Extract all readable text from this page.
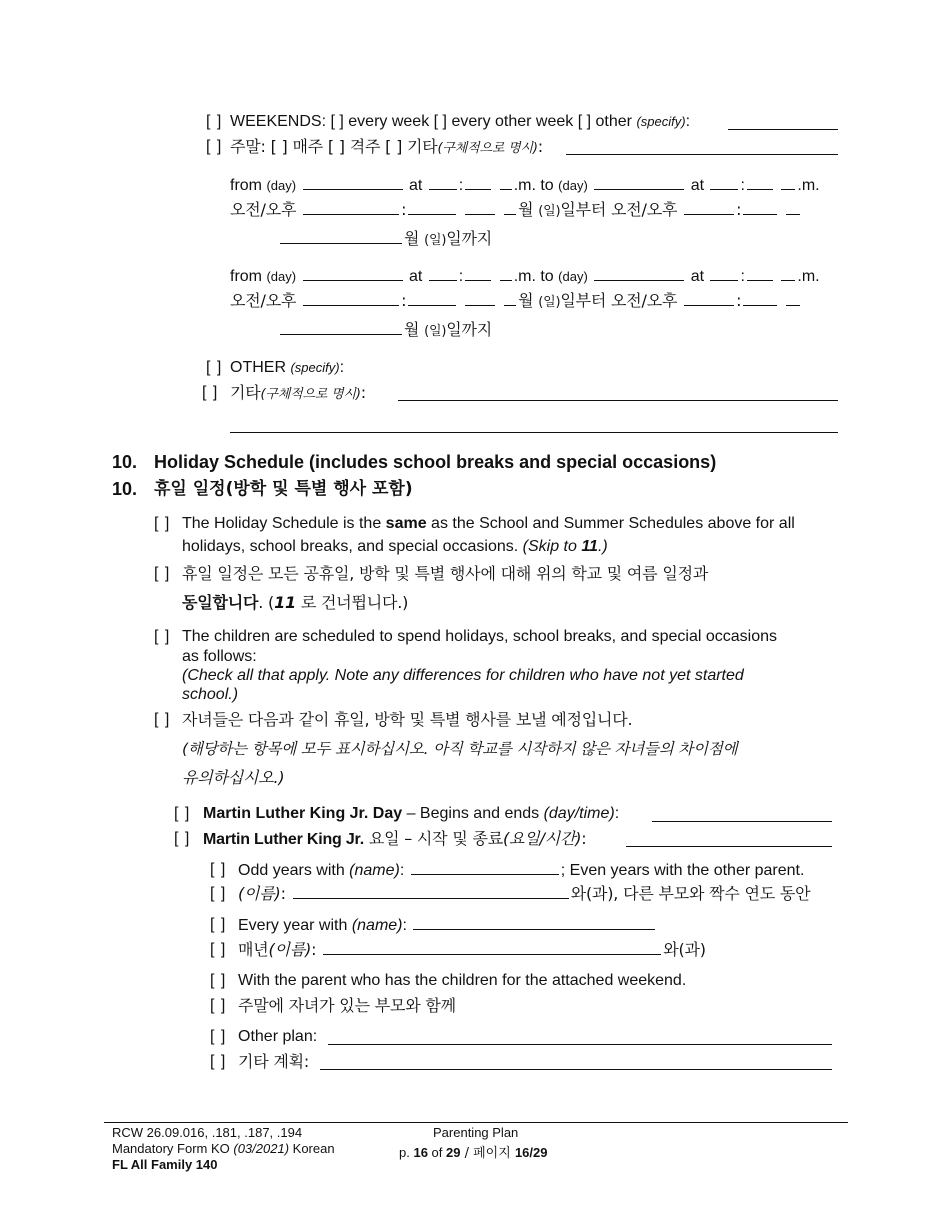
[ ] WEEKENDS: [ ] every week [ ] every other week [ ] other (specify):
[ ] 주말: [ ] 매주 [ ] 격주 [ ] 기타(구체적으로 명시):
from (day)	at :	.m. to (day)	at :	.m.
오전/오후	:	월 (일)일부터 오전/오후	:
월 (일)일까지
from (day)	at :	.m. to (day)	at :	.m.
오전/오후	:	월 (일)일부터 오전/오후	:
월 (일)일까지
[ ] OTHER (specify):
[ ] 기타(구체적으로 명시):
10. Holiday Schedule (includes school breaks and special occasions)
10. 휴일 일정(방학 및 특별 행사 포함)
[ ] The Holiday Schedule is the same as the School and Summer Schedules above for all
holidays, school breaks, and special occasions. (Skip to 11.)
[ ] 휴일 일정은 모든 공휴일, 방학 및 특별 행사에 대해 위의 학교 및 여름 일정과
동일합니다. (11 로 건너뜁니다.)
[ ] The children are scheduled to spend holidays, school breaks, and special occasions
as follows:
(Check all that apply. Note any differences for children who have not yet started
school.)
[ ] 자녀들은 다음과 같이 휴일, 방학 및 특별 행사를 보낼 예정입니다.
(해당하는 항목에 모두 표시하십시오. 아직 학교를 시작하지 않은 자녀들의 차이점에
유의하십시오.)
[ ] Martin Luther King Jr. Day – Begins and ends (day/time):
[ ] Martin Luther King Jr. 요일 – 시작 및 종료(요일/시간):
[ ] Odd years with (name):	; Even years with the other parent.
[ ] (이름):	와(과), 다른 부모와 짝수 연도 동안
[ ] Every year with (name):
[ ] 매년(이름):	와(과)
[ ] With the parent who has the children for the attached weekend.
[ ] 주말에 자녀가 있는 부모와 함께
[ ] Other plan:
[ ] 기타 계획:
RCW 26.09.016, .181, .187, .194
Mandatory Form KO (03/2021) Korean
FL All Family 140
Parenting Plan
p. 16 of 29 / 페이지 16/29
